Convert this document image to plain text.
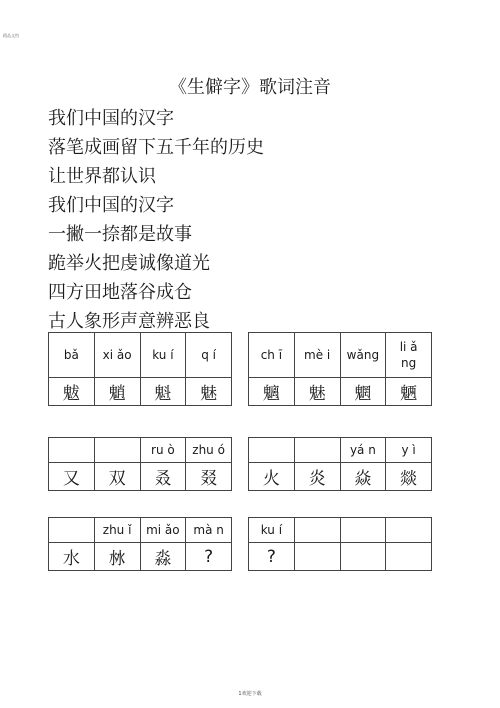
精品文档
《生僻字》歌词注音
我们中国的汉字
落笔成画留下五千年的历史
让世界都认识
我们中国的汉字
一撇一捺都是故事
跪举火把虔诚像道光
四方田地落谷成仓
古人象形声意辨恶良
bǎ	xi ǎo	ku í	q í
魃	魈	魁	魅
ch ī	mè i	wǎng	li ǎ
ng
魑	魅	魍	魉
		ru ò	zhu ó
又	双	叒	叕
		yá n	y ì
火	炎	焱	燚
	zhu ǐ	mi ǎo	mà n
水	沝	淼	?
ku í			
?			
1欢迎下载
